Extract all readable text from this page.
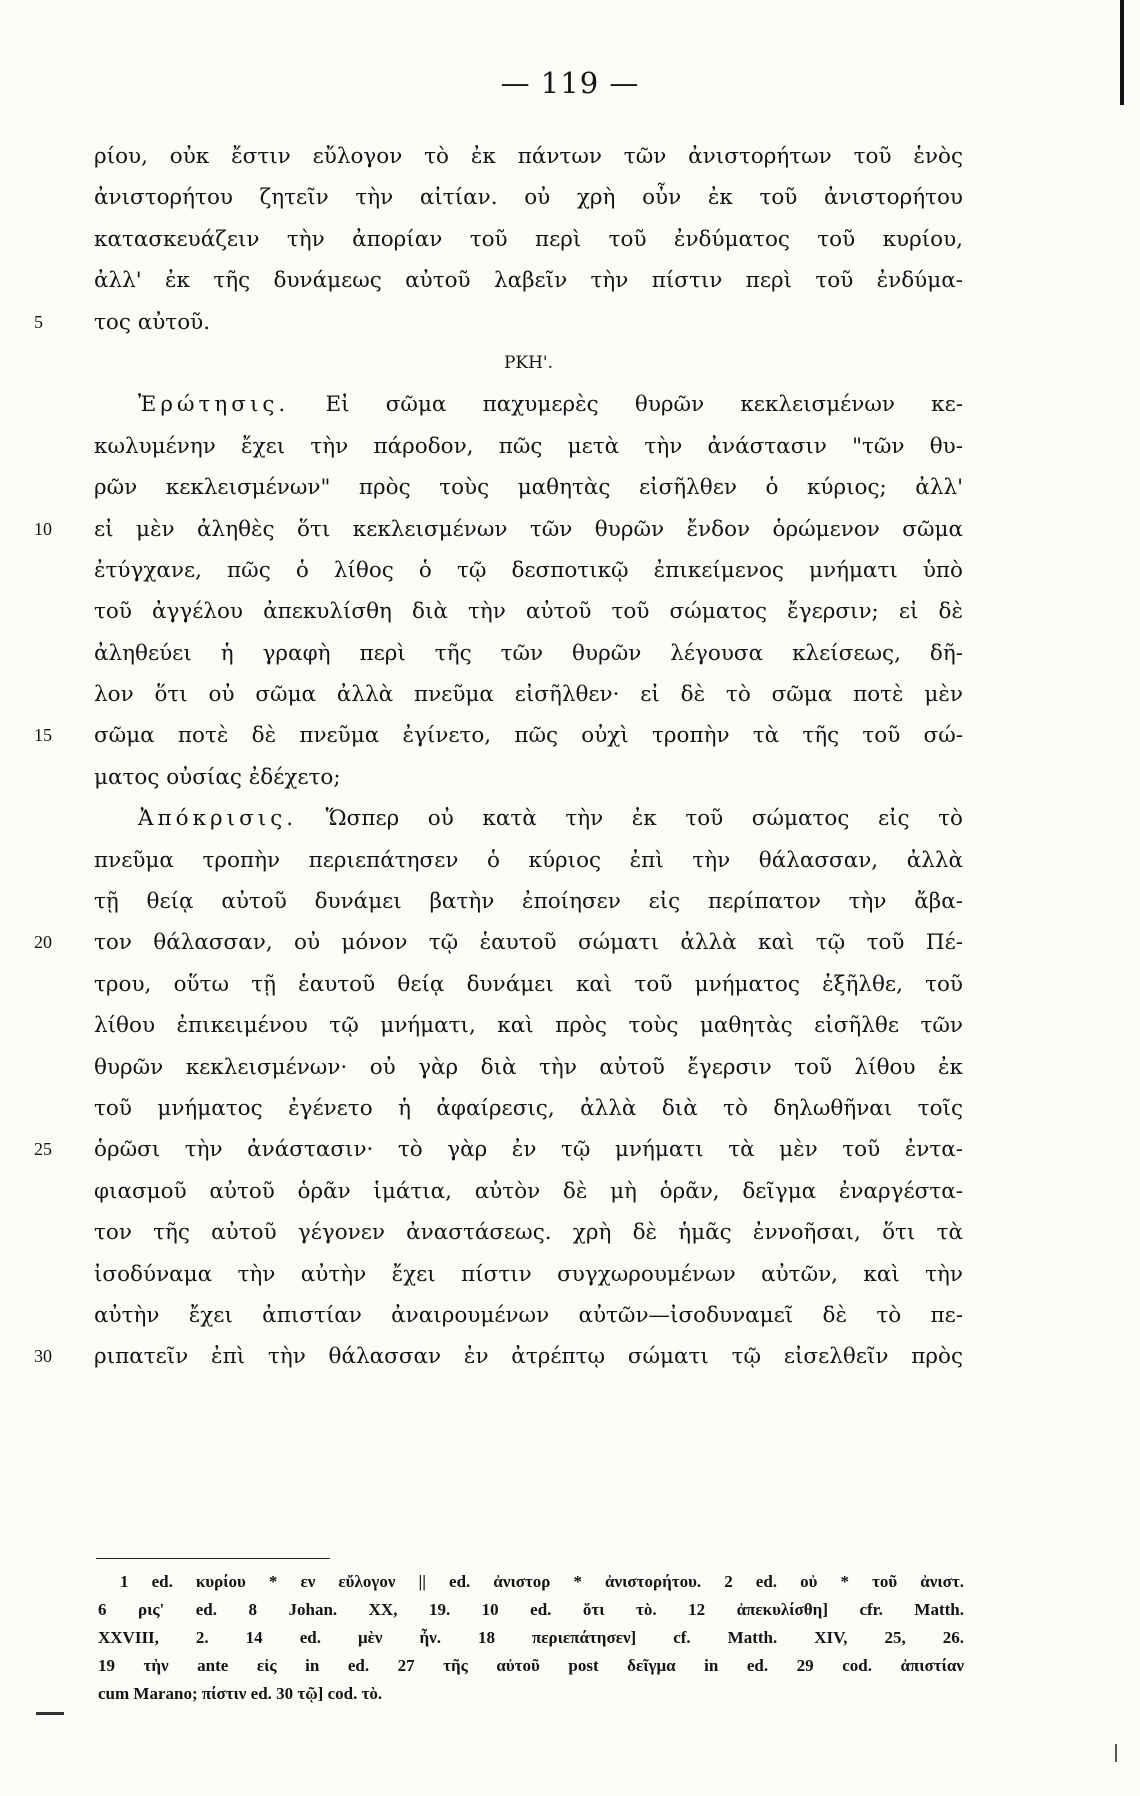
— 119 —
ρίου, οὐκ ἔστιν εὔλογον τὸ ἐκ πάντων τῶν ἀνιστορήτων τοῦ ἑνὸς
ἀνιστορήτου ζητεῖν τὴν αἰτίαν. οὐ χρὴ οὖν ἐκ τοῦ ἀνιστορήτου
κατασκευάζειν τὴν ἀπορίαν τοῦ περὶ τοῦ ἐνδύματος τοῦ κυρίου,
ἀλλ' ἐκ τῆς δυνάμεως αὐτοῦ λαβεῖν τὴν πίστιν περὶ τοῦ ἐνδύμα-
5	τος αὐτοῦ.
ΡΚΗ'.
Ἐρώτησις. Εἰ σῶμα παχυμερὲς θυρῶν κεκλεισμένων κε-
κωλυμένην ἔχει τὴν πάροδον, πῶς μετὰ τὴν ἀνάστασιν "τῶν θυ-
ρῶν κεκλεισμένων" πρὸς τοὺς μαθητὰς εἰσῆλθεν ὁ κύριος; ἀλλ'
10	εἰ μὲν ἀληθὲς ὅτι κεκλεισμένων τῶν θυρῶν ἔνδον ὁρώμενον σῶμα
ἐτύγχανε, πῶς ὁ λίθος ὁ τῷ δεσποτικῷ ἐπικείμενος μνήματι ὑπὸ
τοῦ ἀγγέλου ἀπεκυλίσθη διὰ τὴν αὐτοῦ τοῦ σώματος ἔγερσιν; εἰ δὲ
ἀληθεύει ἡ γραφὴ περὶ τῆς τῶν θυρῶν λέγουσα κλείσεως, δῆ-
λον ὅτι οὐ σῶμα ἀλλὰ πνεῦμα εἰσῆλθεν· εἰ δὲ τὸ σῶμα ποτὲ μὲν
15	σῶμα ποτὲ δὲ πνεῦμα ἐγίνετο, πῶς οὐχὶ τροπὴν τὰ τῆς τοῦ σώ-
ματος οὐσίας ἐδέχετο;
Ἀπόκρισις. Ὥσπερ οὐ κατὰ τὴν ἐκ τοῦ σώματος εἰς τὸ
πνεῦμα τροπὴν περιεπάτησεν ὁ κύριος ἐπὶ τὴν θάλασσαν, ἀλλὰ
τῇ θείᾳ αὐτοῦ δυνάμει βατὴν ἐποίησεν εἰς περίπατον τὴν ἄβα-
20	τον θάλασσαν, οὐ μόνον τῷ ἑαυτοῦ σώματι ἀλλὰ καὶ τῷ τοῦ Πέ-
τρου, οὕτω τῇ ἑαυτοῦ θείᾳ δυνάμει καὶ τοῦ μνήματος ἐξῆλθε, τοῦ
λίθου ἐπικειμένου τῷ μνήματι, καὶ πρὸς τοὺς μαθητὰς εἰσῆλθε τῶν
θυρῶν κεκλεισμένων· οὐ γὰρ διὰ τὴν αὐτοῦ ἔγερσιν τοῦ λίθου ἐκ
τοῦ μνήματος ἐγένετο ἡ ἀφαίρεσις, ἀλλὰ διὰ τὸ δηλωθῆναι τοῖς
25	ὁρῶσι τὴν ἀνάστασιν· τὸ γὰρ ἐν τῷ μνήματι τὰ μὲν τοῦ ἐντα-
φιασμοῦ αὐτοῦ ὁρᾶν ἱμάτια, αὐτὸν δὲ μὴ ὁρᾶν, δεῖγμα ἐναργέστα-
τον τῆς αὐτοῦ γέγονεν ἀναστάσεως. χρὴ δὲ ἡμᾶς ἐννοῆσαι, ὅτι τὰ
ἰσοδύναμα τὴν αὐτὴν ἔχει πίστιν συγχωρουμένων αὐτῶν, καὶ τὴν
αὐτὴν ἔχει ἀπιστίαν ἀναιρουμένων αὐτῶν—ἰσοδυναμεῖ δὲ τὸ πε-
30	ριπατεῖν ἐπὶ τὴν θάλασσαν ἐν ἀτρέπτῳ σώματι τῷ εἰσελθεῖν πρὸς
1 ed. κυρίου * εν εὔλογον || ed. ἀνιστορ * ἀνιστορήτου. 2 ed. οὐ * τοῦ ἀνιστ.
6 ρις' ed. 8 Johan. XX, 19. 10 ed. ὅτι τὸ. 12 ἀπεκυλίσθη] cfr. Matth.
XXVIII, 2. 14 ed. μὲν ἦν. 18 περιεπάτησεν] cf. Matth. XIV, 25, 26.
19 τὴν ante εἰς in ed. 27 τῆς αὐτοῦ post δεῖγμα in ed. 29 cod. ἀπιστίαν
cum Marano; πίστιν ed. 30 τῷ] cod. τὸ.
